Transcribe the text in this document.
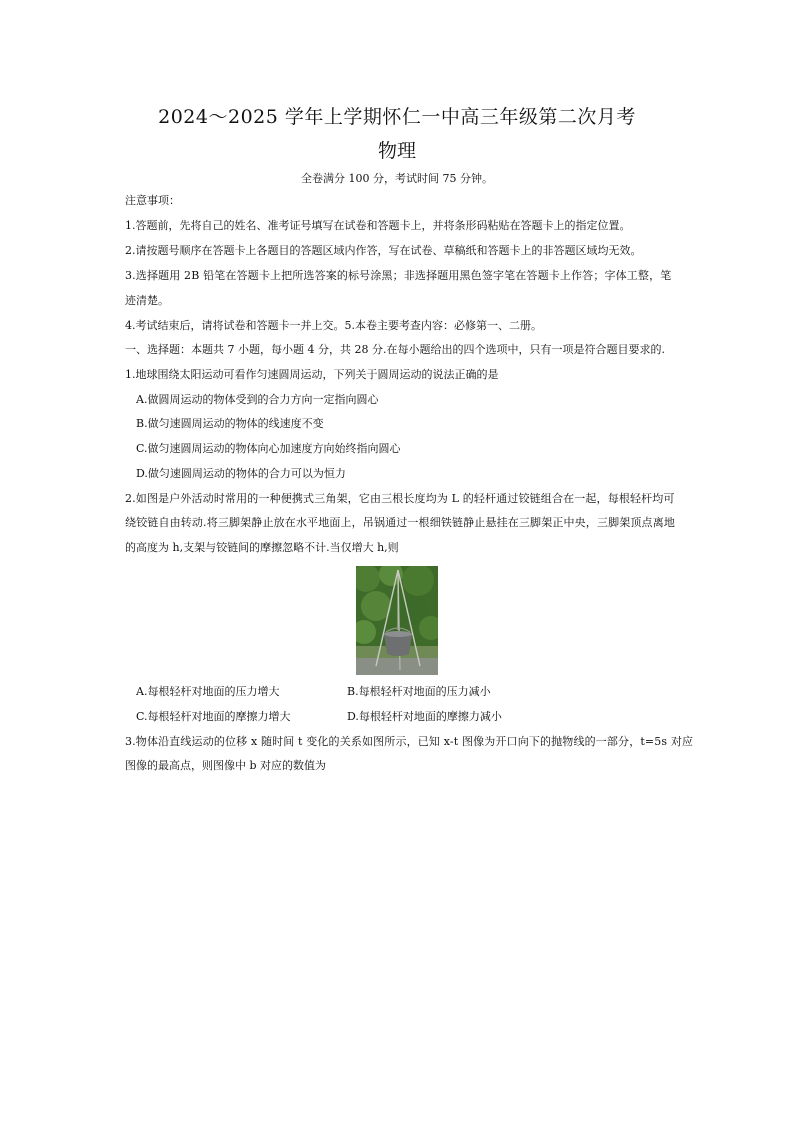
2024～2025 学年上学期怀仁一中高三年级第二次月考
物理
全卷满分 100 分，考试时间 75 分钟。
注意事项：
1.答题前，先将自己的姓名、准考证号填写在试卷和答题卡上，并将条形码粘贴在答题卡上的指定位置。
2.请按题号顺序在答题卡上各题目的答题区域内作答，写在试卷、草稿纸和答题卡上的非答题区域均无效。
3.选择题用 2B 铅笔在答题卡上把所选答案的标号涂黑；非选择题用黑色签字笔在答题卡上作答；字体工整，笔
迹清楚。
4.考试结束后，请将试卷和答题卡一并上交。5.本卷主要考查内容：必修第一、二册。
一、选择题：本题共 7 小题，每小题 4 分，共 28 分.在每小题给出的四个选项中，只有一项是符合题目要求的.
1.地球围绕太阳运动可看作匀速圆周运动，下列关于圆周运动的说法正确的是
A.做圆周运动的物体受到的合力方向一定指向圆心
B.做匀速圆周运动的物体的线速度不变
C.做匀速圆周运动的物体向心加速度方向始终指向圆心
D.做匀速圆周运动的物体的合力可以为恒力
2.如图是户外活动时常用的一种便携式三角架，它由三根长度均为 L 的轻杆通过铰链组合在一起，每根轻杆均可
绕铰链自由转动.将三脚架静止放在水平地面上，吊锅通过一根细铁链静止悬挂在三脚架正中央，三脚架顶点离地
的高度为 h,支架与铰链间的摩擦忽略不计.当仅增大 h,则
A.每根轻杆对地面的压力增大	B.每根轻杆对地面的压力减小
C.每根轻杆对地面的摩擦力增大	D.每根轻杆对地面的摩擦力减小
3.物体沿直线运动的位移 x 随时间 t 变化的关系如图所示，已知 x-t 图像为开口向下的抛物线的一部分，t=5s 对应
图像的最高点，则图像中 b 对应的数值为
